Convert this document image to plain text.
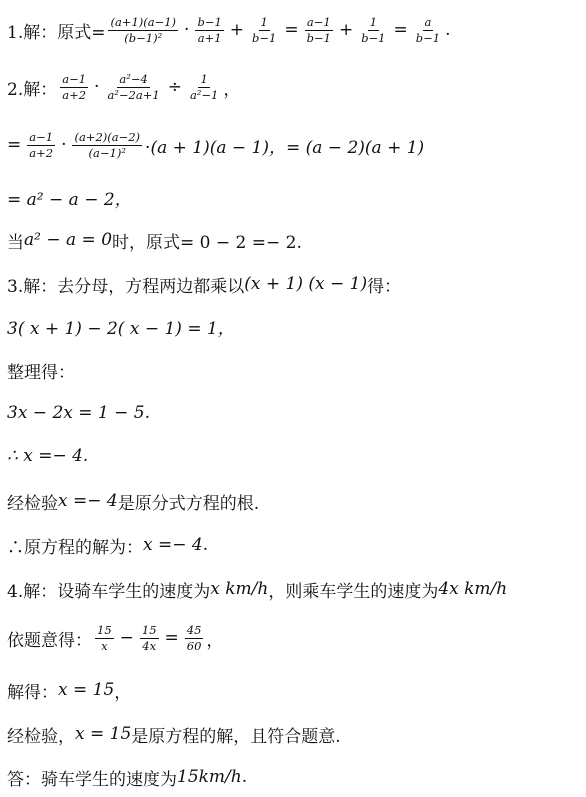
1.解：原式= $\frac{(a+1)(a-1)}{\text{(b−1)²}} \cdot \frac{b-1}{a+1} + \frac{1}{b-1} = \frac{a-1}{b-1} + \frac{1}{b-1} = \frac{a}{b-1}$ .
2.解： $\frac{a-1}{a+2} \cdot \frac{\text{a²−4}}{\text{a²−2a+1}} \div \frac{1}{\text{a²−1}}$ ，
= $\frac{a-1}{a+2} \cdot \frac{(a+2)(a-2)}{\text{(a−1)²}} \cdot(a + 1)(a - 1)$，= (a − 2)(a + 1)
= a² − a − 2，
当 a² − a = 0 时，原式= 0 − 2 =− 2.
3.解：去分母，方程两边都乘以 (x + 1) (x − 1) 得：
3( x + 1) − 2( x − 1) = 1，
整理得：
3x − 2x = 1 − 5.
∴ x =− 4.
经检验 x =− 4 是原分式方程的根.
∴原方程的解为： x =− 4 .
4.解：设骑车学生的速度为 x km/h ，则乘车学生的速度为 4x km/h
依题意得： $\frac{15}{x} - \frac{15}{4x} = \frac{45}{60}$ ，
解得： x = 15 ，
经检验， x = 15 是原方程的解，且符合题意.
答：骑车学生的速度为 15km/h .
